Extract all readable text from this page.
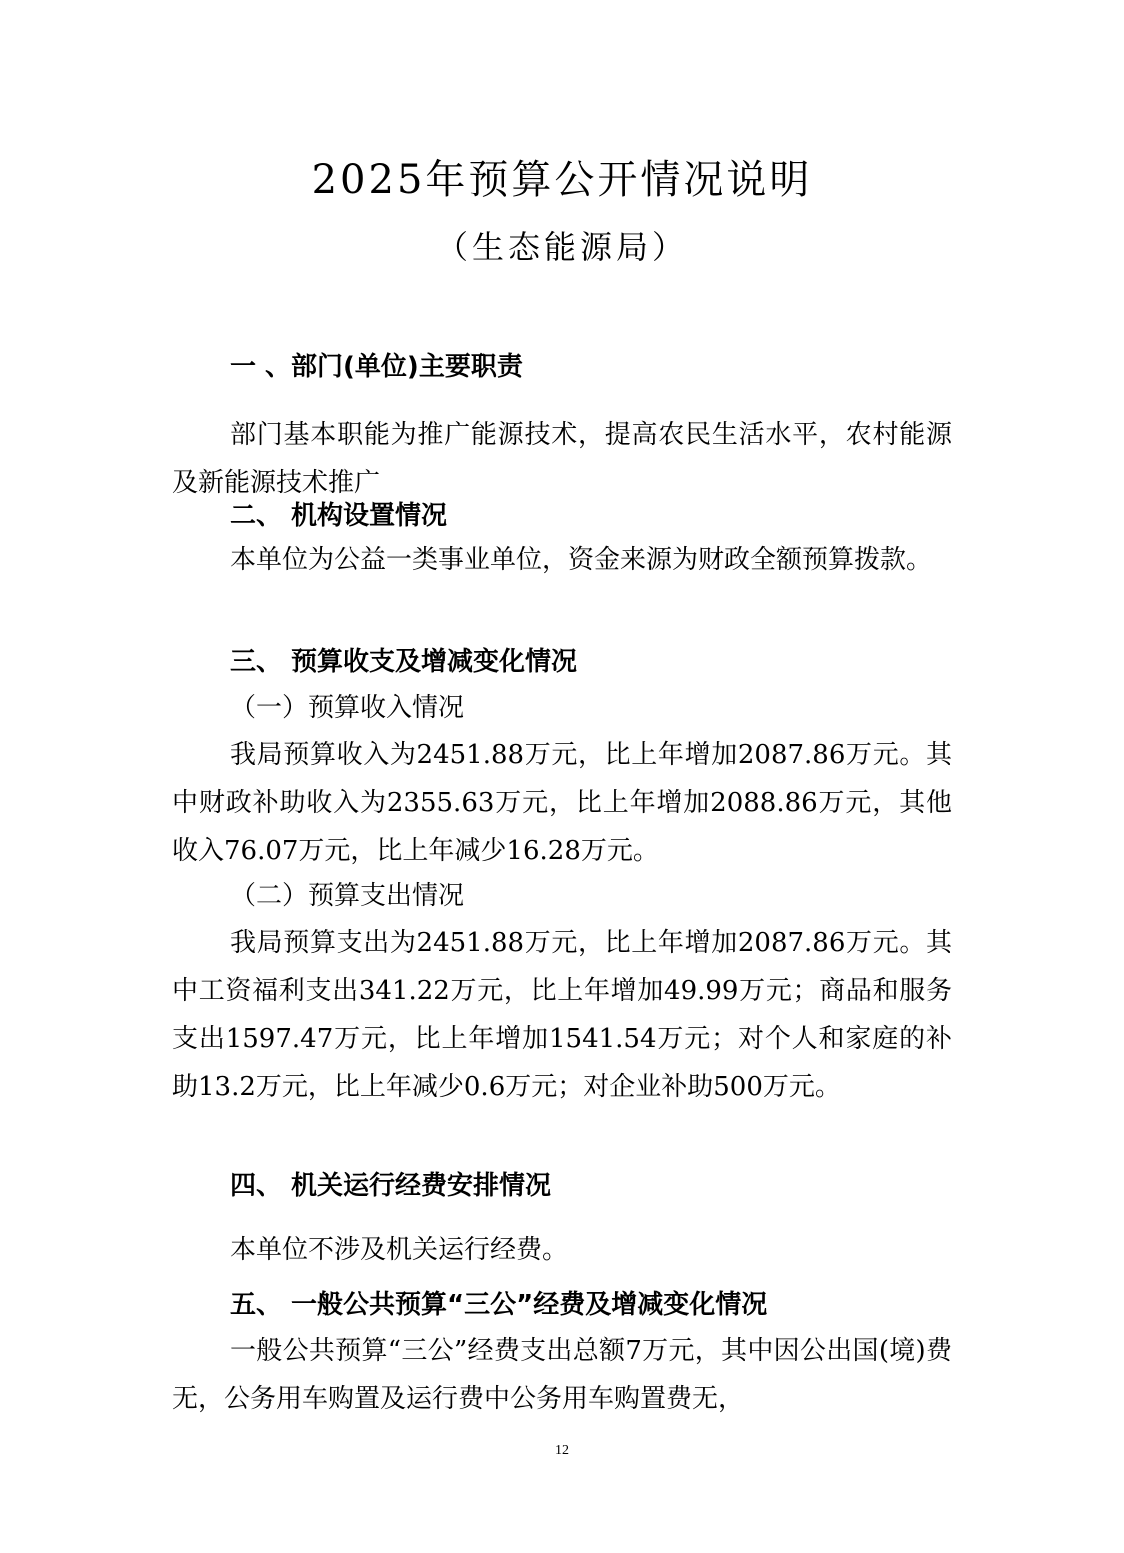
2025年预算公开情况说明
（生态能源局）
一 、部门(单位)主要职责

部门基本职能为推广能源技术，提高农民生活水平，农村能源及新能源技术推广

二、 机构设置情况

本单位为公益一类事业单位，资金来源为财政全额预算拨款。

三、 预算收支及增减变化情况
（一）预算收入情况

我局预算收入为2451.88万元，比上年增加2087.86万元。其中财政补助收入为2355.63万元，比上年增加2088.86万元，其他收入76.07万元，比上年减少16.28万元。

（二）预算支出情况

我局预算支出为2451.88万元，比上年增加2087.86万元。其中工资福利支出341.22万元，比上年增加49.99万元；商品和服务支出1597.47万元，比上年增加1541.54万元；对个人和家庭的补助13.2万元，比上年减少0.6万元；对企业补助500万元。

四、 机关运行经费安排情况

本单位不涉及机关运行经费。

五、 一般公共预算“三公”经费及增减变化情况

一般公共预算“三公”经费支出总额7万元，其中因公出国(境)费无，公务用车购置及运行费中公务用车购置费无，

12
